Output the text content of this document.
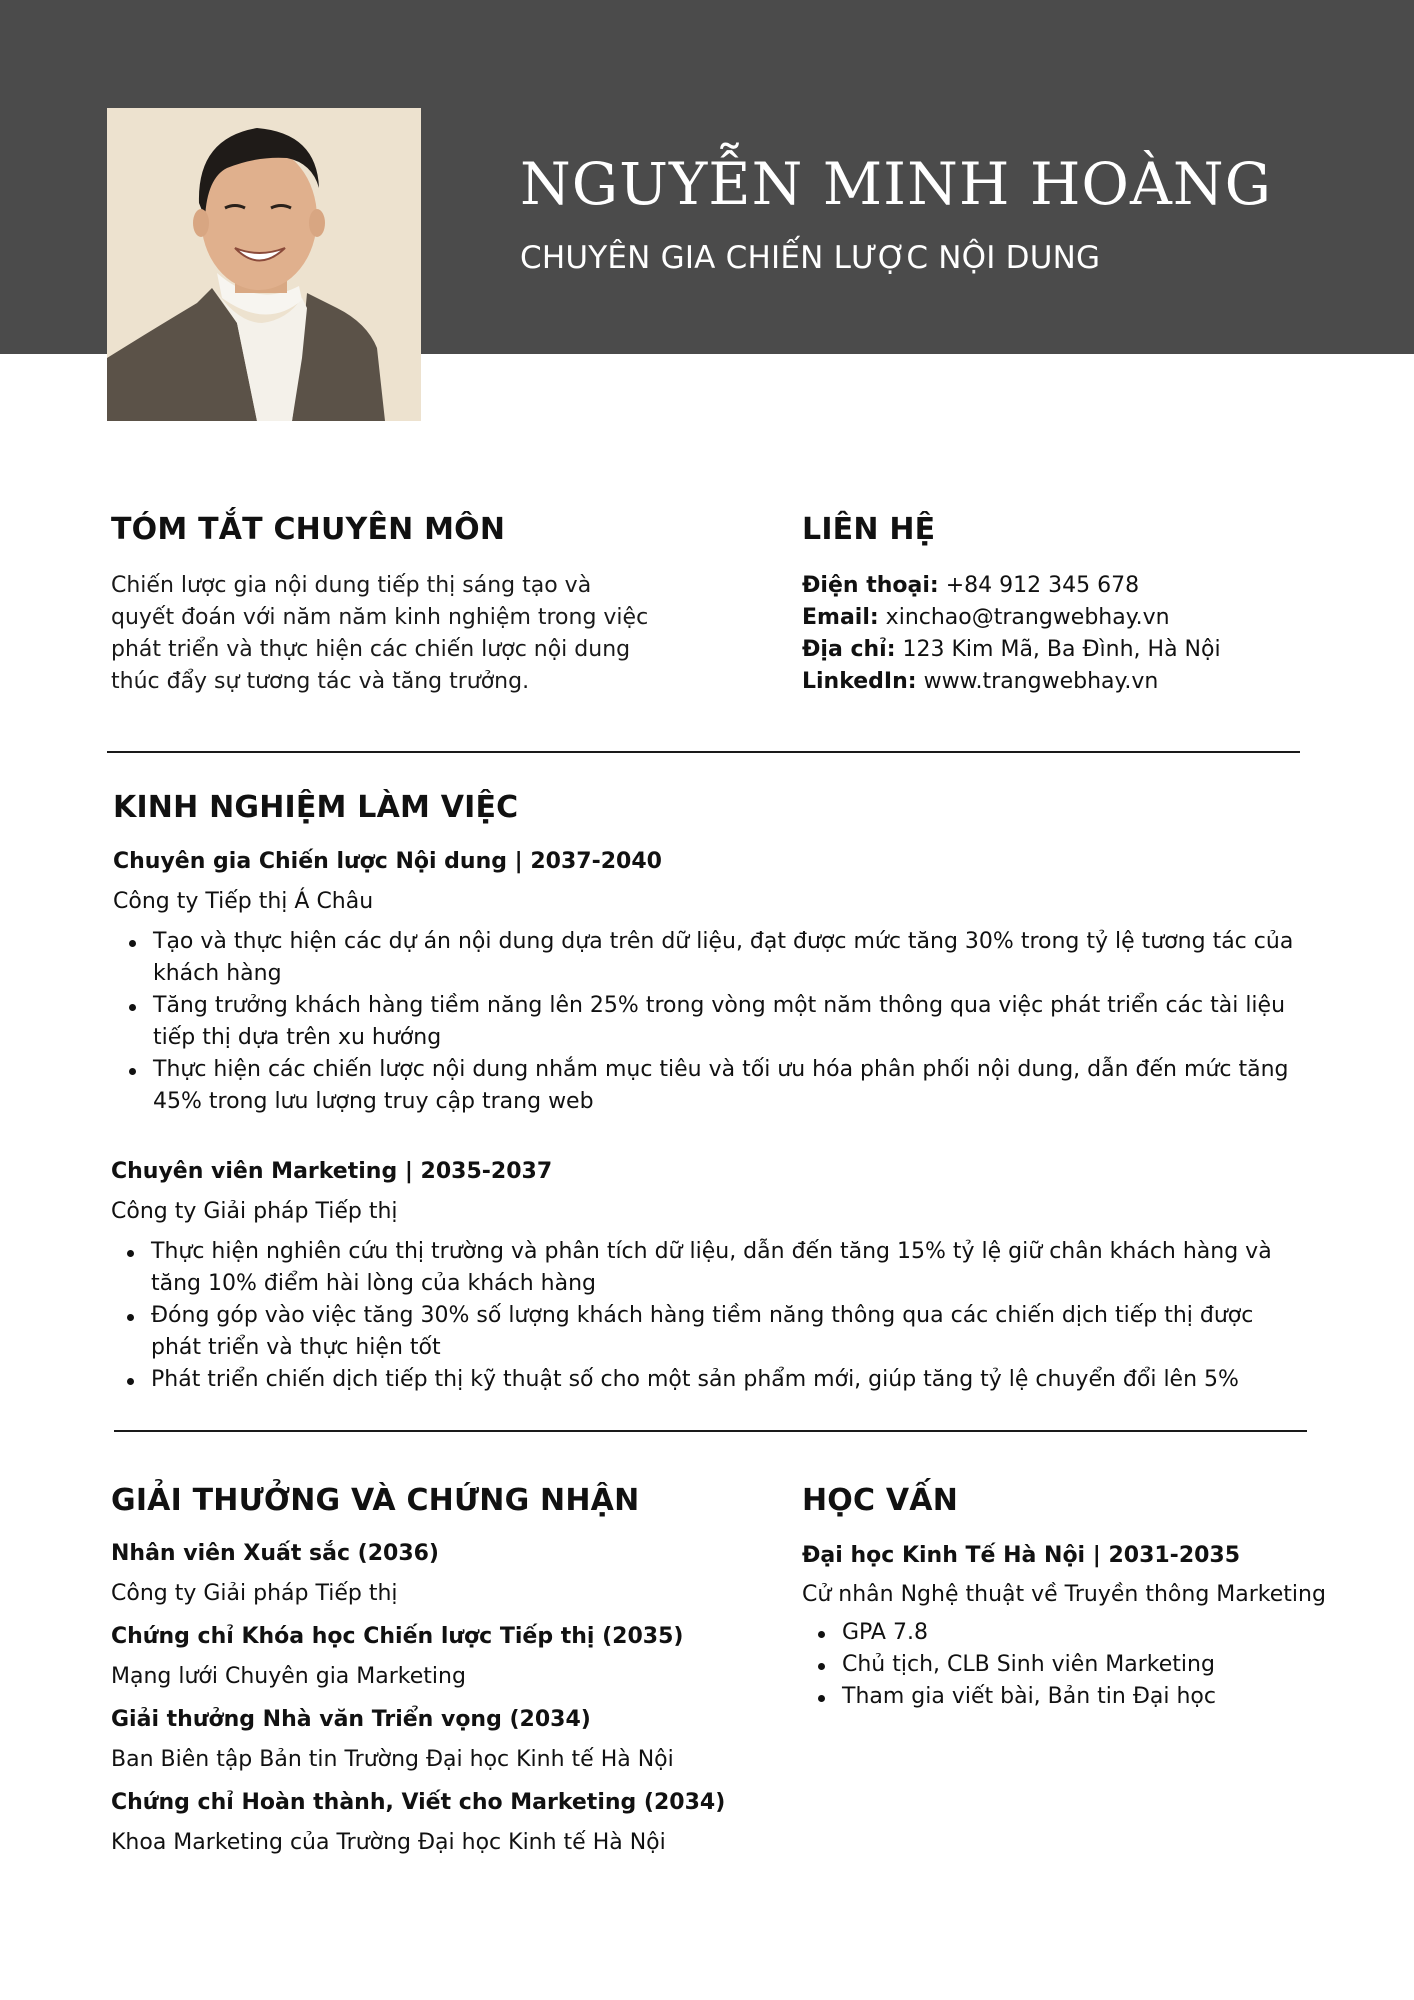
NGUYỄN MINH HOÀNG
CHUYÊN GIA CHIẾN LƯỢC NỘI DUNG
TÓM TẮT CHUYÊN MÔN
Chiến lược gia nội dung tiếp thị sáng tạo và
quyết đoán với năm năm kinh nghiệm trong việc
phát triển và thực hiện các chiến lược nội dung
thúc đẩy sự tương tác và tăng trưởng.
LIÊN HỆ
Điện thoại: +84 912 345 678
Email: xinchao@trangwebhay.vn
Địa chỉ: 123 Kim Mã, Ba Đình, Hà Nội
LinkedIn: www.trangwebhay.vn
KINH NGHIỆM LÀM VIỆC
Chuyên gia Chiến lược Nội dung | 2037-2040
Công ty Tiếp thị Á Châu
Tạo và thực hiện các dự án nội dung dựa trên dữ liệu, đạt được mức tăng 30% trong tỷ lệ tương tác của khách hàng
Tăng trưởng khách hàng tiềm năng lên 25% trong vòng một năm thông qua việc phát triển các tài liệu tiếp thị dựa trên xu hướng
Thực hiện các chiến lược nội dung nhắm mục tiêu và tối ưu hóa phân phối nội dung, dẫn đến mức tăng 45% trong lưu lượng truy cập trang web
Chuyên viên Marketing | 2035-2037
Công ty Giải pháp Tiếp thị
Thực hiện nghiên cứu thị trường và phân tích dữ liệu, dẫn đến tăng 15% tỷ lệ giữ chân khách hàng và tăng 10% điểm hài lòng của khách hàng
Đóng góp vào việc tăng 30% số lượng khách hàng tiềm năng thông qua các chiến dịch tiếp thị được phát triển và thực hiện tốt
Phát triển chiến dịch tiếp thị kỹ thuật số cho một sản phẩm mới, giúp tăng tỷ lệ chuyển đổi lên 5%
GIẢI THƯỞNG VÀ CHỨNG NHẬN
Nhân viên Xuất sắc (2036)
Công ty Giải pháp Tiếp thị
Chứng chỉ Khóa học Chiến lược Tiếp thị (2035)
Mạng lưới Chuyên gia Marketing
Giải thưởng Nhà văn Triển vọng (2034)
Ban Biên tập Bản tin Trường Đại học Kinh tế Hà Nội
Chứng chỉ Hoàn thành, Viết cho Marketing (2034)
Khoa Marketing của Trường Đại học Kinh tế Hà Nội
HỌC VẤN
Đại học Kinh Tế Hà Nội | 2031-2035
Cử nhân Nghệ thuật về Truyền thông Marketing
GPA 7.8
Chủ tịch, CLB Sinh viên Marketing
Tham gia viết bài, Bản tin Đại học
